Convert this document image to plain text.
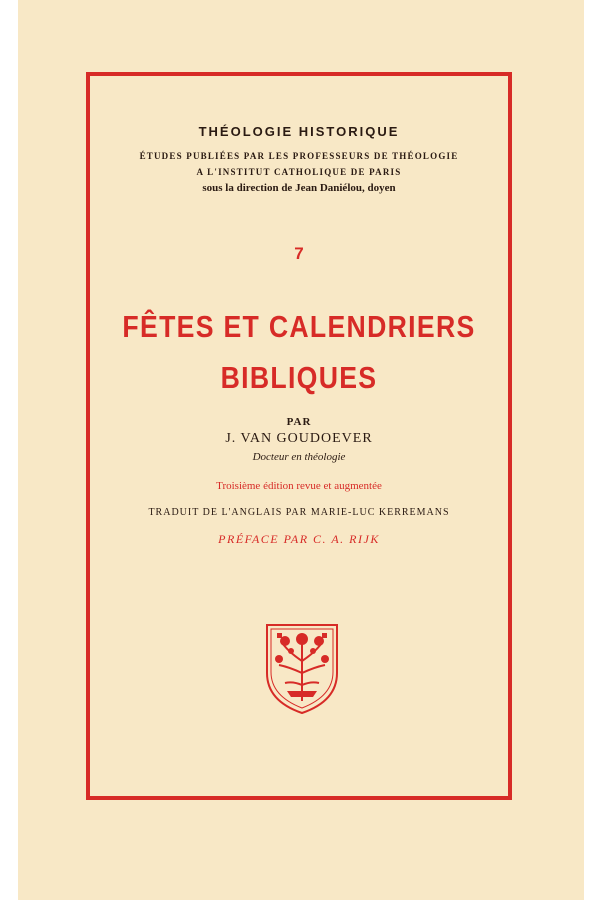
THÉOLOGIE HISTORIQUE
ÉTUDES PUBLIÉES PAR LES PROFESSEURS DE THÉOLOGIE
A L'INSTITUT CATHOLIQUE DE PARIS
sous la direction de Jean Daniélou, doyen
7
FÊTES ET CALENDRIERS
BIBLIQUES
PAR
J. VAN GOUDOEVER
Docteur en théologie
Troisième édition revue et augmentée
TRADUIT DE L'ANGLAIS PAR MARIE-LUC KERREMANS
PRÉFACE PAR C. A. RIJK
